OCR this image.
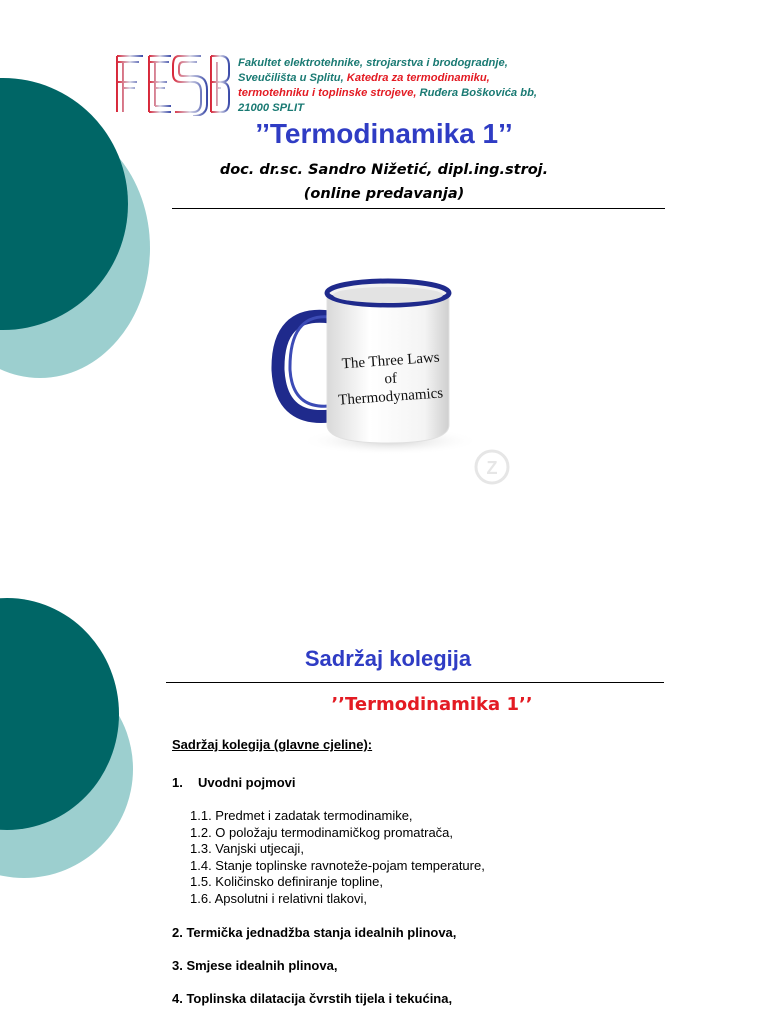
Fakultet elektrotehnike, strojarstva i brodogradnje, Sveučilišta u Splitu, Katedra za termodinamiku, termotehniku i toplinske strojeve, Ruđera Boškovića bb, 21000 SPLIT
’’Termodinamika 1’’
doc. dr.sc. Sandro Nižetić, dipl.ing.stroj.
(online predavanja)
The Three Laws
of
Thermodynamics
Z
Sadržaj kolegija
’’Termodinamika 1’’
Sadržaj kolegija (glavne cjeline):
1. Uvodni pojmovi
1.1. Predmet i zadatak termodinamike,
1.2. O položaju termodinamičkog promatrača,
1.3. Vanjski utjecaji,
1.4. Stanje toplinske ravnoteže-pojam temperature,
1.5. Količinsko definiranje topline,
1.6. Apsolutni i relativni tlakovi,
2. Termička jednadžba stanja idealnih plinova,
3. Smjese idealnih plinova,
4. Toplinska dilatacija čvrstih tijela i tekućina,
